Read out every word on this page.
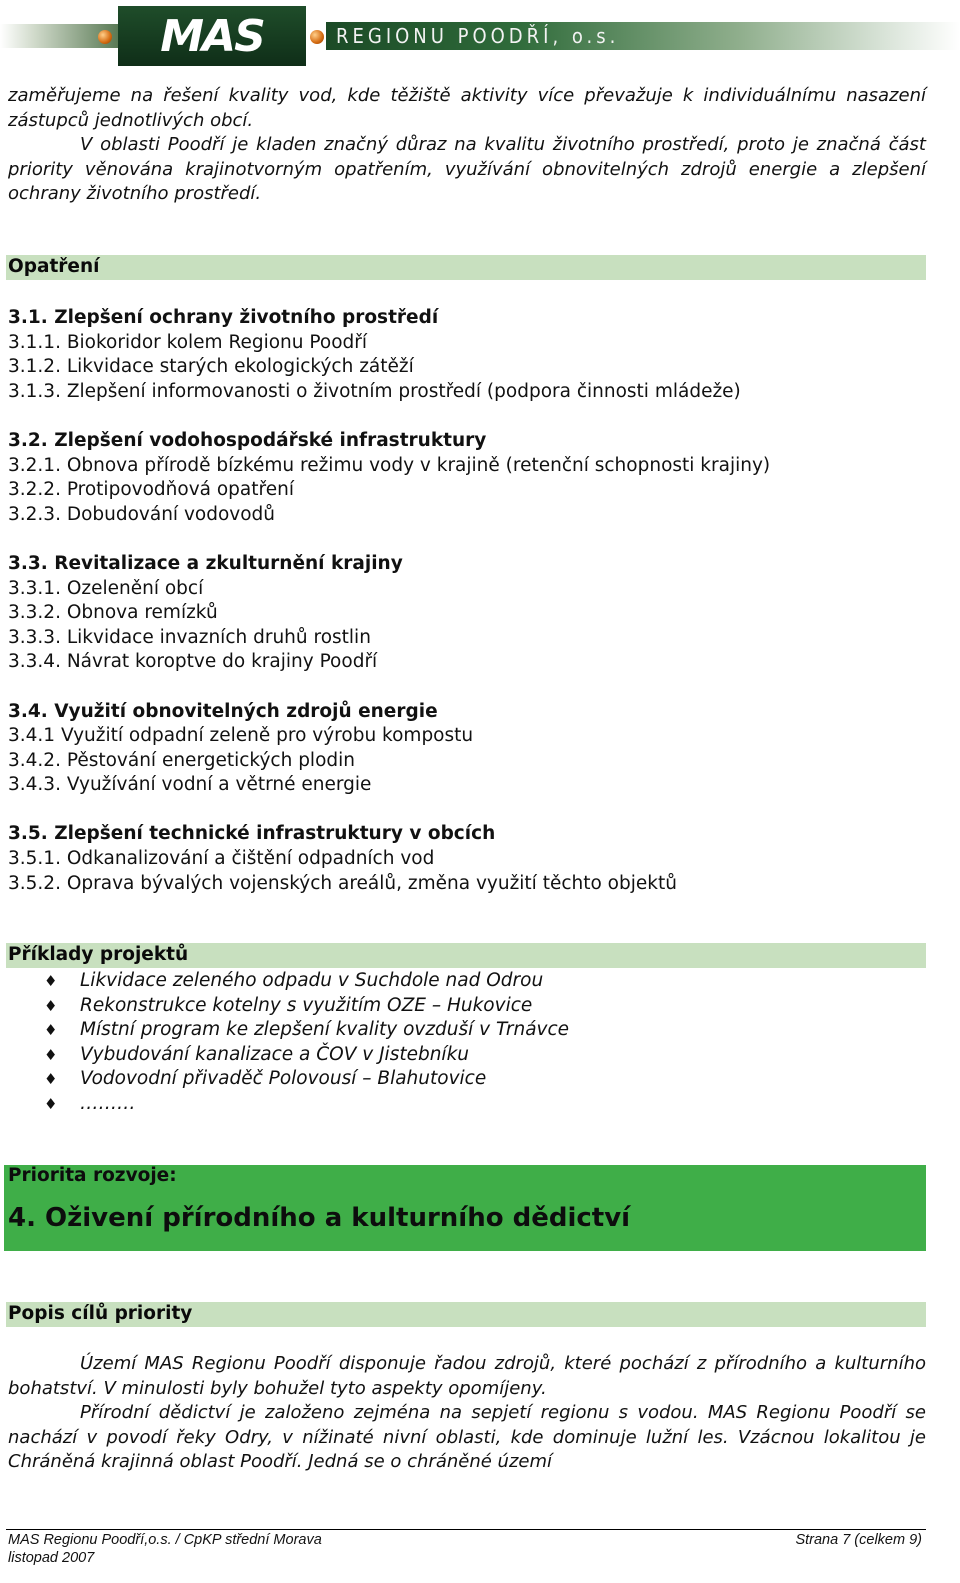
MAS	REGIONU POODŘÍ, o.s.

zaměřujeme na řešení kvality vod, kde těžiště aktivity více převažuje k individuálnímu nasazení zástupců jednotlivých obcí.

V oblasti Poodří je kladen značný důraz na kvalitu životního prostředí, proto je značná část priority věnována krajinotvorným opatřením, využívání obnovitelných zdrojů energie a zlepšení ochrany životního prostředí.

Opatření
3.1. Zlepšení ochrany životního prostředí
3.1.1. Biokoridor kolem Regionu Poodří
3.1.2. Likvidace starých ekologických zátěží
3.1.3. Zlepšení informovanosti o životním prostředí (podpora činnosti mládeže)
3.2. Zlepšení vodohospodářské infrastruktury
3.2.1. Obnova přírodě bízkému režimu vody v krajině (retenční schopnosti krajiny)
3.2.2. Protipovodňová opatření
3.2.3. Dobudování vodovodů
3.3. Revitalizace a zkulturnění krajiny
3.3.1. Ozelenění obcí
3.3.2. Obnova remízků
3.3.3. Likvidace invazních druhů rostlin
3.3.4. Návrat koroptve do krajiny Poodří
3.4. Využití obnovitelných zdrojů energie
3.4.1 Využití odpadní zeleně pro výrobu kompostu
3.4.2. Pěstování energetických plodin
3.4.3. Využívání vodní a větrné energie
3.5. Zlepšení technické infrastruktury v obcích
3.5.1. Odkanalizování a čištění odpadních vod
3.5.2. Oprava bývalých vojenských areálů, změna využití těchto objektů
Příklady projektů
♦ Likvidace zeleného odpadu v Suchdole nad Odrou
♦ Rekonstrukce kotelny s využitím OZE – Hukovice
♦ Místní program ke zlepšení kvality ovzduší v Trnávce
♦ Vybudování kanalizace a ČOV v Jistebníku
♦ Vodovodní přivaděč Polovousí – Blahutovice
♦ ………
Priorita rozvoje:
4. Oživení přírodního a kulturního dědictví
Popis cílů priority

Území MAS Regionu Poodří disponuje řadou zdrojů, které pochází z přírodního a kulturního bohatství. V minulosti byly bohužel tyto aspekty opomíjeny.

Přírodní dědictví je založeno zejména na sepjetí regionu s vodou. MAS Regionu Poodří se nachází v povodí řeky Odry, v nížinaté nivní oblasti, kde dominuje lužní les. Vzácnou lokalitou je Chráněná krajinná oblast Poodří. Jedná se o chráněné území

MAS Regionu Poodří,o.s. / CpKP střední Morava
listopad 2007
Strana 7 (celkem 9)
